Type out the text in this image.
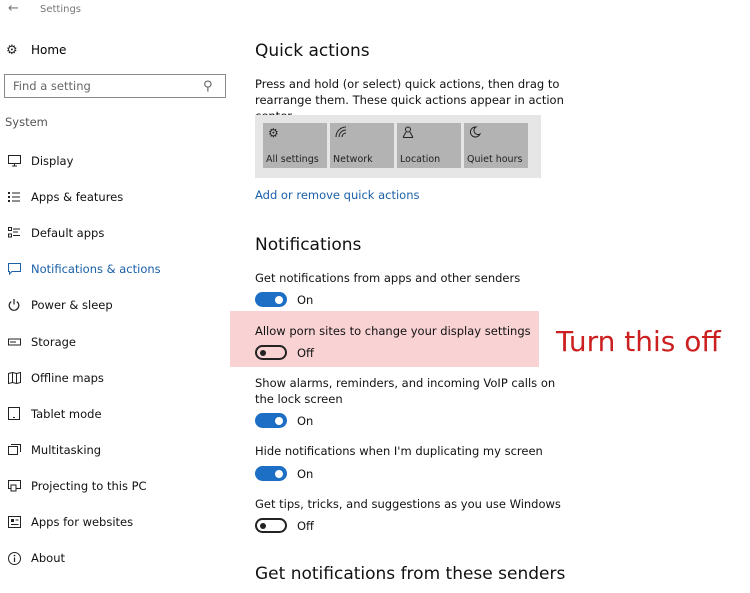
← Settings
⚙	Home
Find a setting
⚲
System
Display
Apps & features
Default apps
Notifications & actions
Power & sleep
Storage
Offline maps
Tablet mode
Multitasking
Projecting to this PC
Apps for websites
About
Quick actions
Press and hold (or select) quick actions, then drag to rearrange them. These quick actions appear in action
⚙
All settings Network	Location	Quiet hours
Add or remove quick actions
Notifications
Get notifications from apps and other senders
On
Allow porn sites to change your display settings
Off
Show alarms, reminders, and incoming VoIP calls on the lock screen
On
Hide notifications when I'm duplicating my screen
On
Get tips, tricks, and suggestions as you use Windows
Off
Get notifications from these senders
Turn this off
